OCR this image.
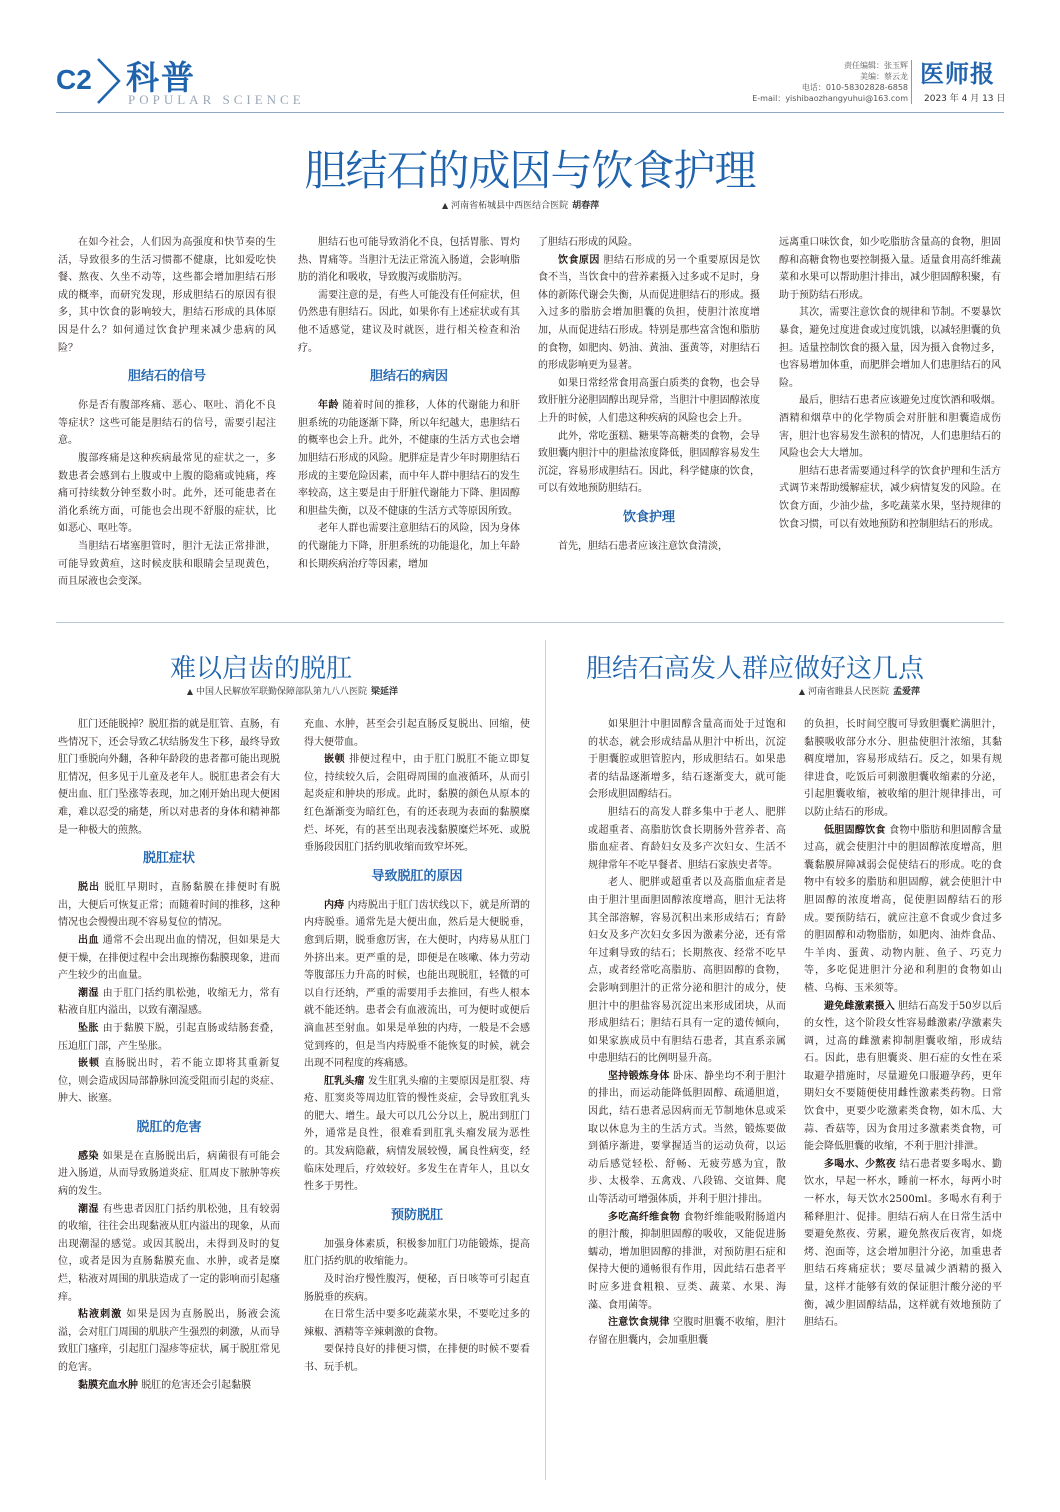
C2 科普
POPULAR SCIENCE
责任编辑：张玉辉
美编：蔡云龙
电话：010-58302828-6858
E-mail：yishibaozhangyuhui@163.com
医师报
2023 年 4 月 13 日
胆结石的成因与饮食护理
▲ 河南省柘城县中西医结合医院 胡春萍

在如今社会，人们因为高强度和快节奏的生活，导致很多的生活习惯都不健康，比如爱吃快餐、熬夜、久坐不动等，这些都会增加胆结石形成的概率，而研究发现，形成胆结石的原因有很多，其中饮食的影响较大，胆结石形成的具体原因是什么？如何通过饮食护理来减少患病的风险？

胆结石的信号

你是否有腹部疼痛、恶心、呕吐、消化不良等症状？这些可能是胆结石的信号，需要引起注意。

腹部疼痛是这种疾病最常见的症状之一，多数患者会感到右上腹或中上腹的隐痛或钝痛，疼痛可持续数分钟至数小时。此外，还可能患者在消化系统方面，可能也会出现不舒服的症状，比如恶心、呕吐等。

当胆结石堵塞胆管时，胆汁无法正常排泄，可能导致黄疸，这时候皮肤和眼睛会呈现黄色，而且尿液也会变深。

胆结石也可能导致消化不良，包括胃胀、胃灼热、胃痛等。当胆汁无法正常流入肠道，会影响脂肪的消化和吸收，导致腹泻或脂肪泻。

需要注意的是，有些人可能没有任何症状，但仍然患有胆结石。因此，如果你有上述症状或有其他不适感觉，建议及时就医，进行相关检查和治疗。

胆结石的病因

年龄 随着时间的推移，人体的代谢能力和肝胆系统的功能逐渐下降，所以年纪越大，患胆结石的概率也会上升。此外，不健康的生活方式也会增加胆结石形成的风险。肥胖症是青少年时期胆结石形成的主要危险因素，而中年人群中胆结石的发生率较高，这主要是由于肝脏代谢能力下降、胆固醇和胆盐失衡，以及不健康的生活方式等原因所致。

老年人群也需要注意胆结石的风险，因为身体的代谢能力下降，肝胆系统的功能退化，加上年龄和长期疾病治疗等因素，增加

了胆结石形成的风险。

饮食原因 胆结石形成的另一个重要原因是饮食不当，当饮食中的营养素摄入过多或不足时，身体的新陈代谢会失衡，从而促进胆结石的形成。摄入过多的脂肪会增加胆囊的负担，使胆汁浓度增加，从而促进结石形成。特别是那些富含饱和脂肪的食物，如肥肉、奶油、黄油、蛋黄等，对胆结石的形成影响更为显著。

如果日常经常食用高蛋白质类的食物，也会导致肝脏分泌胆固醇出现异常，当胆汁中胆固醇浓度上升的时候，人们患这种疾病的风险也会上升。

此外，常吃蛋糕、糖果等高糖类的食物，会导致胆囊内胆汁中的胆盐浓度降低，胆固醇容易发生沉淀，容易形成胆结石。因此，科学健康的饮食，可以有效地预防胆结石。

饮食护理

首先，胆结石患者应该注意饮食清淡，

远离重口味饮食，如少吃脂肪含量高的食物，胆固醇和高糖食物也要控制摄入量。适量食用高纤维蔬菜和水果可以帮助胆汁排出，减少胆固醇积聚，有助于预防结石形成。

其次，需要注意饮食的规律和节制。不要暴饮暴食，避免过度进食或过度饥饿，以减轻胆囊的负担。适量控制饮食的摄入量，因为摄入食物过多，也容易增加体重，而肥胖会增加人们患胆结石的风险。

最后，胆结石患者应该避免过度饮酒和吸烟。酒精和烟草中的化学物质会对肝脏和胆囊造成伤害，胆汁也容易发生淤积的情况，人们患胆结石的风险也会大大增加。

胆结石患者需要通过科学的饮食护理和生活方式调节来帮助缓解症状，减少病情复发的风险。在饮食方面，少油少盐，多吃蔬菜水果，坚持规律的饮食习惯，可以有效地预防和控制胆结石的形成。

难以启齿的脱肛
▲ 中国人民解放军联勤保障部队第九八八医院 梁延洋

肛门还能脱掉？脱肛指的就是肛管、直肠，有些情况下，还会导致乙状结肠发生下移，最终导致肛门垂脱向外翻，各种年龄段的患者都可能出现脱肛情况，但多见于儿童及老年人。脱肛患者会有大便出血、肛门坠涨等表现，加之刚开始出现大便困难，难以忍受的痛楚，所以对患者的身体和精神都是一种极大的煎熬。

脱肛症状

脱出 脱肛早期时，直肠黏膜在排便时有脱出，大便后可恢复正常；而随着时间的推移，这种情况也会慢慢出现不容易复位的情况。

出血 通常不会出现出血的情况，但如果是大便干燥，在排便过程中会出现擦伤黏膜现象，进而产生较少的出血量。

潮湿 由于肛门括约肌松弛，收缩无力，常有粘液自肛内溢出，以致有潮湿感。

坠胀 由于黏膜下脱，引起直肠或结肠套叠，压迫肛门部，产生坠胀。

嵌顿 直肠脱出时，若不能立即将其重新复位，则会造成因局部静脉回流受阻而引起的炎症、肿大、嵌塞。

脱肛的危害

感染 如果是在直肠脱出后，病菌很有可能会进入肠道，从而导致肠道炎症、肛周皮下脓肿等疾病的发生。

潮湿 有些患者因肛门括约肌松弛，且有较弱的收缩，往往会出现黏液从肛内溢出的现象，从而出现潮湿的感觉。或因其脱出，未得到及时的复位，或者是因为直肠黏膜充血、水肿，或者是糜烂，粘液对周围的肌肤造成了一定的影响而引起瘙痒。

粘液刺激 如果是因为直肠脱出，肠液会流溢，会对肛门周围的肌肤产生强烈的刺激，从而导致肛门瘙痒，引起肛门湿疹等症状，属于脱肛常见的危害。

黏膜充血水肿 脱肛的危害还会引起黏膜

充血、水肿，甚至会引起直肠反复脱出、回缩，使得大便带血。

嵌顿 排便过程中，由于肛门脱肛不能立即复位，持续较久后，会阻碍周围的血液循环，从而引起炎症和肿块的形成。此时，黏膜的颜色从原本的红色渐渐变为暗红色，有的还表现为表面的黏膜糜烂、坏死，有的甚至出现表浅黏膜糜烂坏死、或脱垂肠段因肛门括约肌收缩而致窄坏死。

导致脱肛的原因

内痔 内痔脱出于肛门齿状线以下，就是所谓的内痔脱垂。通常先是大便出血，然后是大便脱垂，愈到后期，脱垂愈厉害，在大便时，内痔易从肛门外挤出来。更严重的是，即便是在咳嗽、体力劳动等腹部压力升高的时候，也能出现脱肛，轻微的可以自行还纳，严重的需要用手去推回，有些人根本就不能还纳。患者会有血液流出，可为便时或便后滴血甚至射血。如果是单独的内痔，一般是不会感觉到疼的，但是当内痔脱垂不能恢复的时候，就会出现不同程度的疼痛感。

肛乳头瘤 发生肛乳头瘤的主要原因是肛裂、痔疮、肛窦炎等周边肛管的慢性炎症，会导致肛乳头的肥大、增生。最大可以几公分以上，脱出到肛门外，通常是良性，很难看到肛乳头瘤发展为恶性的。其发病隐蔽，病情发展较慢，属良性病变，经临床处理后，疗效较好。多发生在青年人，且以女性多于男性。

预防脱肛

加强身体素质，积极参加肛门功能锻炼，提高肛门括约肌的收缩能力。

及时治疗慢性腹泻，便秘，百日咳等可引起直肠脱垂的疾病。

在日常生活中要多吃蔬菜水果，不要吃过多的辣椒、酒精等辛辣刺激的食物。

要保持良好的排便习惯，在排便的时候不要看书、玩手机。

胆结石高发人群应做好这几点
▲ 河南省睢县人民医院 孟爱萍

如果胆汁中胆固醇含量高而处于过饱和的状态，就会形成结晶从胆汁中析出，沉淀于胆囊腔或胆管腔内，形成胆结石。如果患者的结晶逐渐增多，结石逐渐变大，就可能会形成胆固醇结石。

胆结石的高发人群多集中于老人、肥胖或超重者、高脂肪饮食长期肠外营养者、高脂血症者、育龄妇女及多产次妇女、生活不规律常年不吃早餐者、胆结石家族史者等。

老人、肥胖或超重者以及高脂血症者是由于胆汁里面胆固醇浓度增高，胆汁无法将其全部溶解，容易沉积出来形成结石；育龄妇女及多产次妇女多因为激素分泌，还有常年过剩导致的结石；长期熬夜、经常不吃早点，或者经常吃高脂肪、高胆固醇的食物，会影响到胆汁的正常分泌和胆汁的成分，使胆汁中的胆盐容易沉淀出来形成团块，从而形成胆结石；胆结石具有一定的遗传倾向，如果家族成员中有胆结石患者，其直系亲属中患胆结石的比例明显升高。

坚持锻炼身体 卧床、静坐均不利于胆汁的排出，而运动能降低胆固醇、疏通胆道，因此，结石患者忌因病而无节制地休息或采取以休息为主的生活方式。当然，锻炼要做到循序渐进，要掌握适当的运动负荷，以运动后感觉轻松、舒畅、无疲劳感为宜，散步、太极拳、五禽戏、八段锦、交谊舞、爬山等活动可增强体质，并利于胆汁排出。

多吃高纤维食物 食物纤维能吸附肠道内的胆汁酸，抑制胆固醇的吸收，又能促进肠蠕动，增加胆固醇的排泄，对预防胆石症和保持大便的通畅很有作用，因此结石患者平时应多进食粗粮、豆类、蔬菜、水果、海藻、食用菌等。

注意饮食规律 空腹时胆囊不收缩，胆汁存留在胆囊内，会加重胆囊

的负担，长时间空腹可导致胆囊贮满胆汁，黏膜吸收部分水分、胆盐使胆汁浓缩，其黏稠度增加，容易形成结石。反之，如果有规律进食，吃饭后可刺激胆囊收缩素的分泌，引起胆囊收缩，被收缩的胆汁规律排出，可以防止结石的形成。

低胆固醇饮食 食物中脂肪和胆固醇含量过高，就会使胆汁中的胆固醇浓度增高，胆囊黏膜屏障减弱会促使结石的形成。吃的食物中有较多的脂肪和胆固醇，就会使胆汁中胆固醇的浓度增高，促使胆固醇结石的形成。要预防结石，就应注意不食或少食过多的胆固醇和动物脂肪，如肥肉、油炸食品、牛羊肉、蛋黄、动物内脏、鱼子、巧克力等，多吃促进胆汁分泌和利胆的食物如山楂、乌梅、玉米须等。

避免雌激素摄入 胆结石高发于50岁以后的女性，这个阶段女性容易雌激素/孕激素失调，过高的雌激素抑制胆囊收缩，形成结石。因此，患有胆囊炎、胆石症的女性在采取避孕措施时，尽量避免口服避孕药，更年期妇女不要随便使用雌性激素类药物。日常饮食中，更要少吃激素类食物，如木瓜、大蒜、香菇等，因为食用过多激素类食物，可能会降低胆囊的收缩，不利于胆汁排泄。

多喝水、少熬夜 结石患者要多喝水、勤饮水，早起一杯水，睡前一杯水，每两小时一杯水，每天饮水2500ml。多喝水有利于稀释胆汁、促排。胆结石病人在日常生活中要避免熬夜、劳累，避免熬夜后夜宵，如烧烤、泡面等，这会增加胆汁分泌，加重患者胆结石疼痛症状；要尽量减少酒精的摄入量，这样才能够有效的保证胆汁酸分泌的平衡，减少胆固醇结晶，这样就有效地预防了胆结石。
